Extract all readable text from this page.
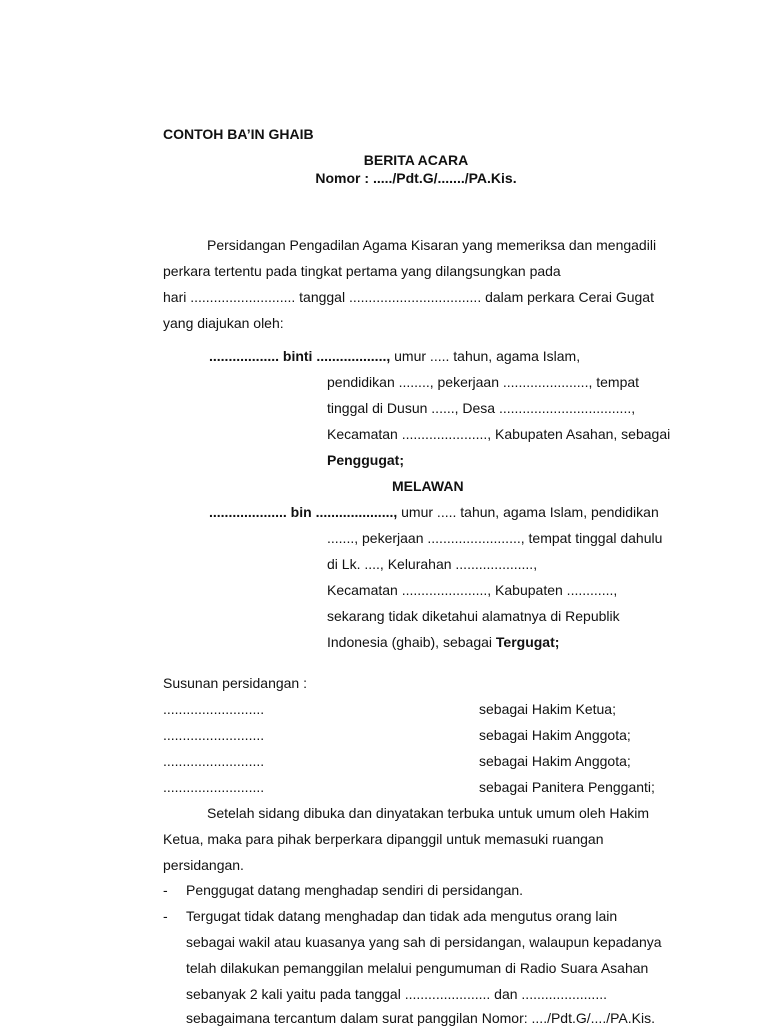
CONTOH BA’IN GHAIB
BERITA ACARA
Nomor : ...../Pdt.G/......./PA.Kis.
Persidangan Pengadilan Agama Kisaran yang memeriksa dan mengadili
perkara tertentu pada tingkat pertama yang dilangsungkan pada
hari ........................... tanggal .................................. dalam perkara Cerai Gugat
yang diajukan oleh:
.................. binti .................., umur ..... tahun, agama Islam,
pendidikan ........, pekerjaan ......................, tempat
tinggal di Dusun ......, Desa ..................................,
Kecamatan ......................, Kabupaten Asahan, sebagai
Penggugat;
MELAWAN
.................... bin ...................., umur ..... tahun, agama Islam, pendidikan
......., pekerjaan ........................, tempat tinggal dahulu
di Lk. ...., Kelurahan ....................,
Kecamatan ......................, Kabupaten ............,
sekarang tidak diketahui alamatnya di Republik
Indonesia (ghaib), sebagai Tergugat;
Susunan persidangan :
..........................	sebagai Hakim Ketua;
..........................	sebagai Hakim Anggota;
..........................	sebagai Hakim Anggota;
..........................	sebagai Panitera Pengganti;
Setelah sidang dibuka dan dinyatakan terbuka untuk umum oleh Hakim
Ketua, maka para pihak berperkara dipanggil untuk memasuki ruangan
persidangan.
- Penggugat datang menghadap sendiri di persidangan.
- Tergugat tidak datang menghadap dan tidak ada mengutus orang lain
sebagai wakil atau kuasanya yang sah di persidangan, walaupun kepadanya
telah dilakukan pemanggilan melalui pengumuman di Radio Suara Asahan
sebanyak 2 kali yaitu pada tanggal ...................... dan ......................
sebagaimana tercantum dalam surat panggilan Nomor: ..../Pdt.G/..../PA.Kis.
